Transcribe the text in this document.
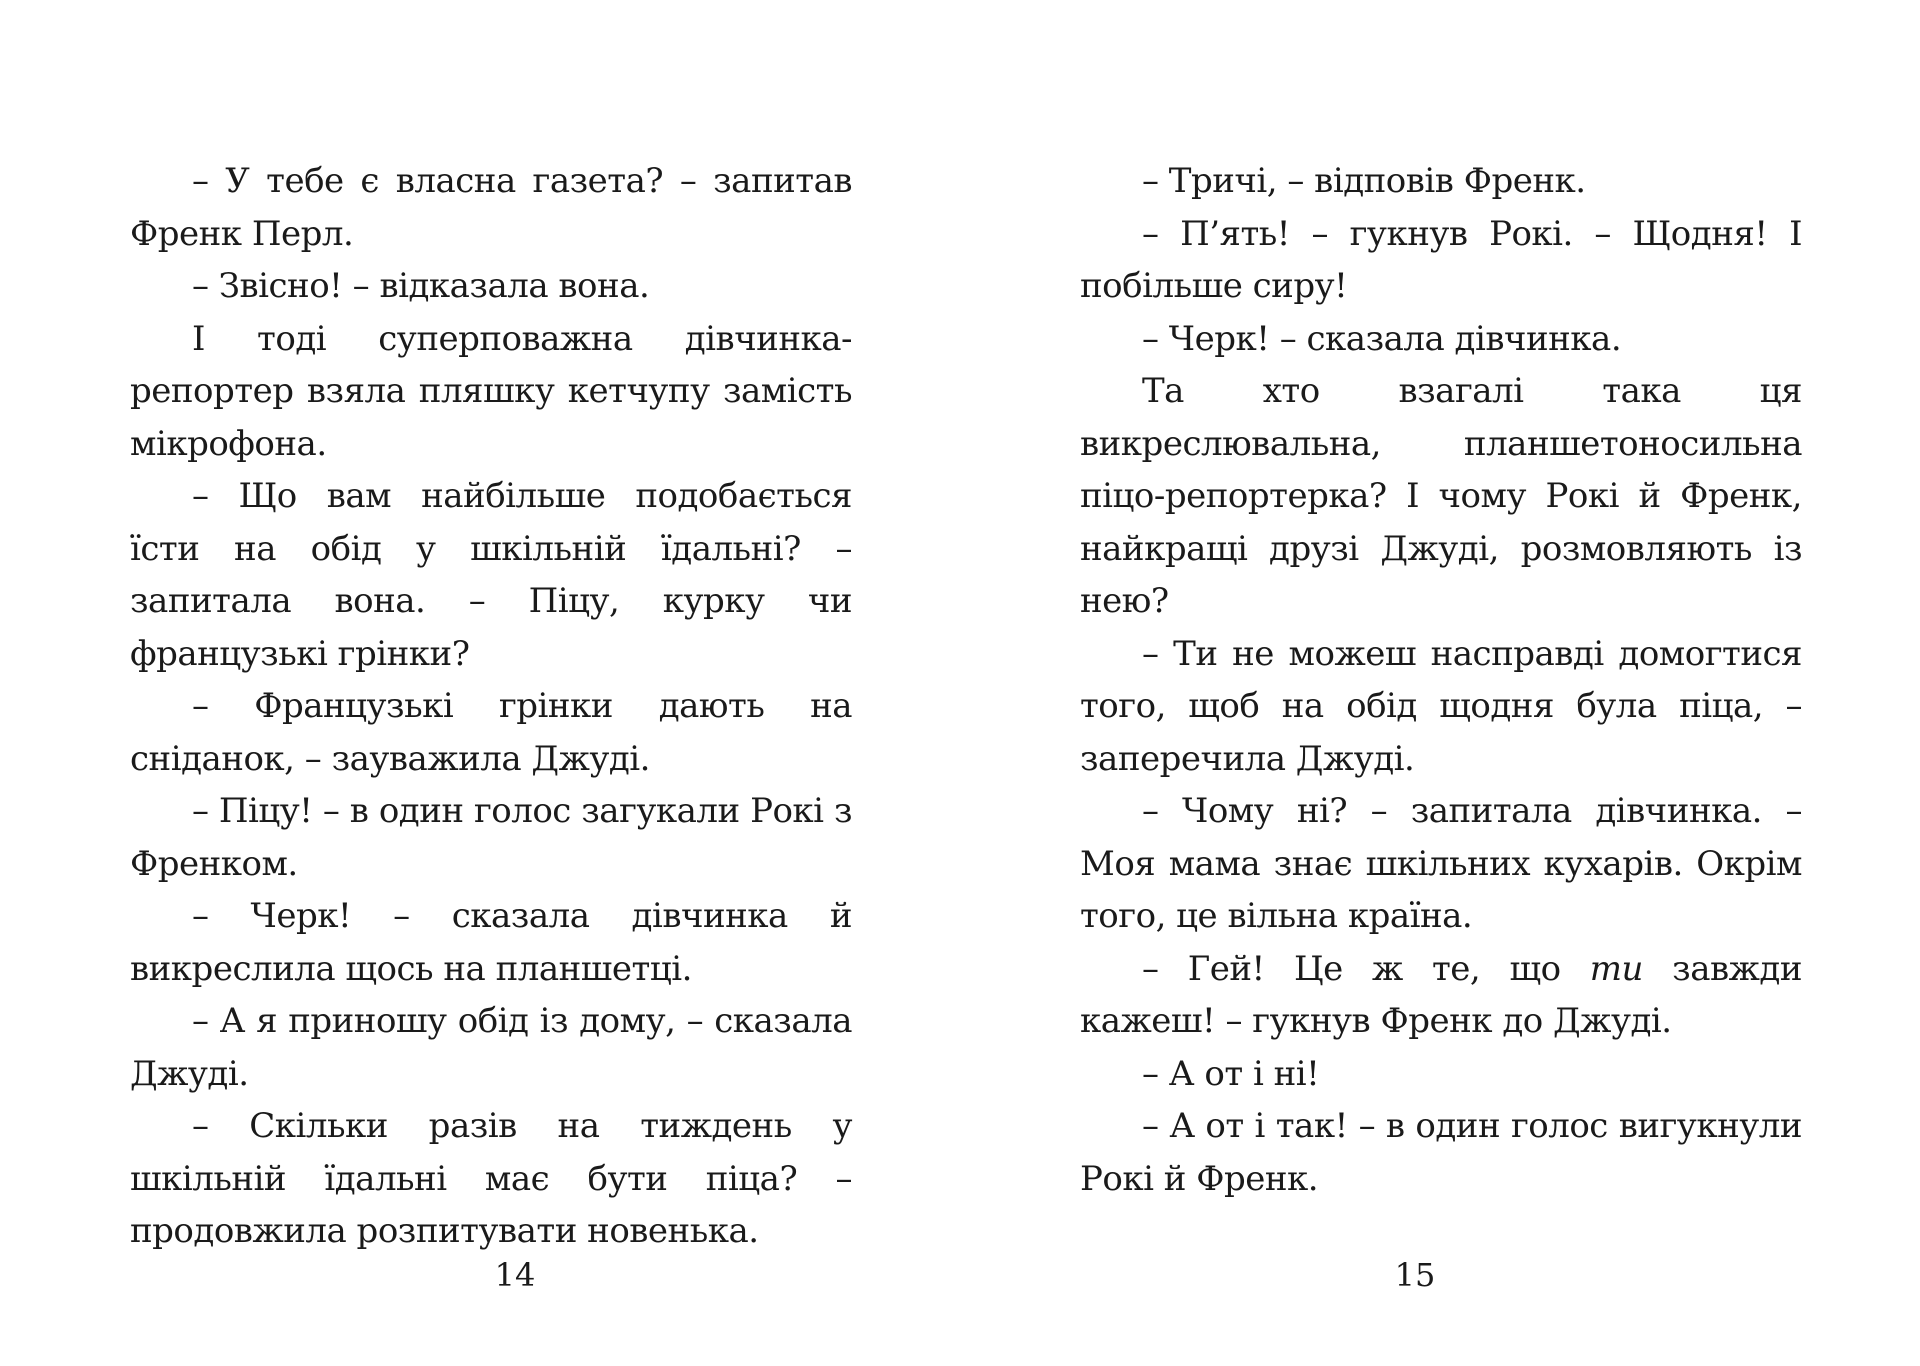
– У тебе є власна газета? – запитав Френк Перл.

– Звісно! – відказала вона.

І тоді суперповажна дівчинка-репортер взяла пляшку кетчупу замість мікрофона.

– Що вам найбільше подобається їсти на обід у шкільній їдальні? – запитала вона. – Піцу, курку чи французькі грінки?

– Французькі грінки дають на сніданок, – зауважила Джуді.

– Піцу! – в один голос загукали Рокі з Френком.

– Черк! – сказала дівчинка й викреслила щось на планшетці.

– А я приношу обід із дому, – сказала Джуді.

– Скільки разів на тиждень у шкільній їдальні має бути піца? – продовжила розпитувати новенька.

14

– Тричі, – відповів Френк.

– П’ять! – гукнув Рокі. – Щодня! І побільше сиру!

– Черк! – сказала дівчинка.

Та хто взагалі така ця викреслювальна, планшетоносильна піцо-репортерка? І чому Рокі й Френк, найкращі друзі Джуді, розмовляють із нею?

– Ти не можеш насправді домогтися того, щоб на обід щодня була піца, – заперечила Джуді.

– Чому ні? – запитала дівчинка. – Моя мама знає шкільних кухарів. Окрім того, це вільна країна.

– Гей! Це ж те, що ти завжди кажеш! – гукнув Френк до Джуді.

– А от і ні!

– А от і так! – в один голос вигукнули Рокі й Френк.

15
